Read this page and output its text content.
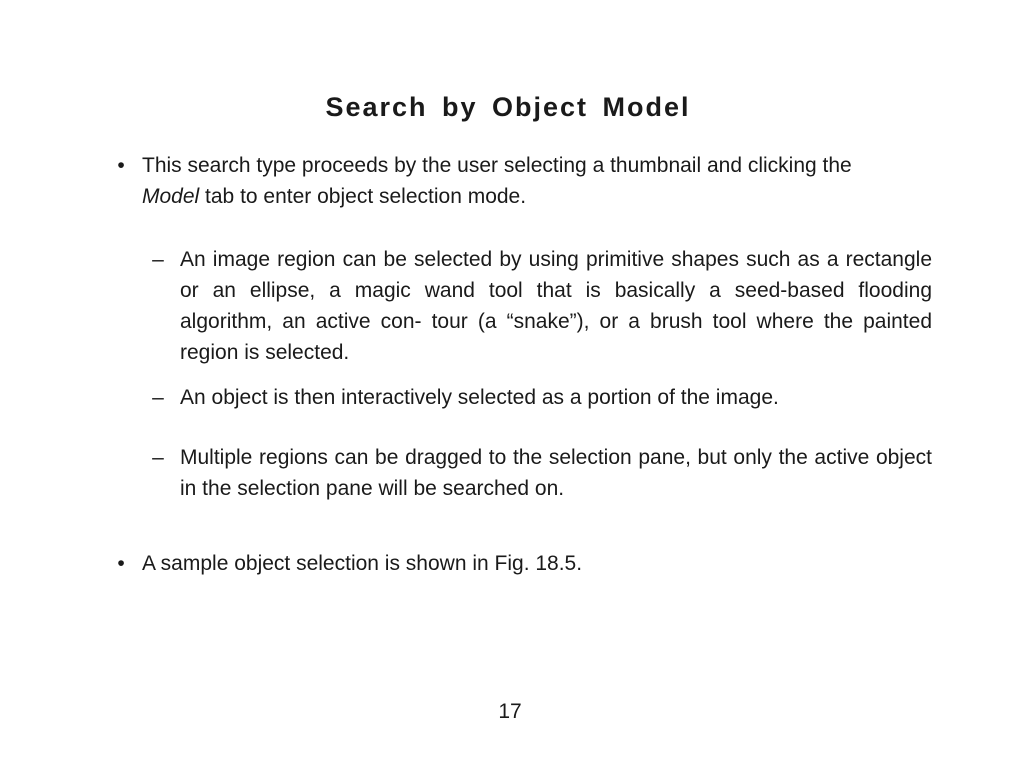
Search by Object Model
• This search type proceeds by the user selecting a thumbnail and clicking the Model tab to enter object selection mode.
– An image region can be selected by using primitive shapes such as a rectangle or an ellipse, a magic wand tool that is basically a seed-based flooding algorithm, an active con- tour (a “snake”), or a brush tool where the painted region is selected.
– An object is then interactively selected as a portion of the image.
– Multiple regions can be dragged to the selection pane, but only the active object in the selection pane will be searched on.
• A sample object selection is shown in Fig. 18.5.
17
